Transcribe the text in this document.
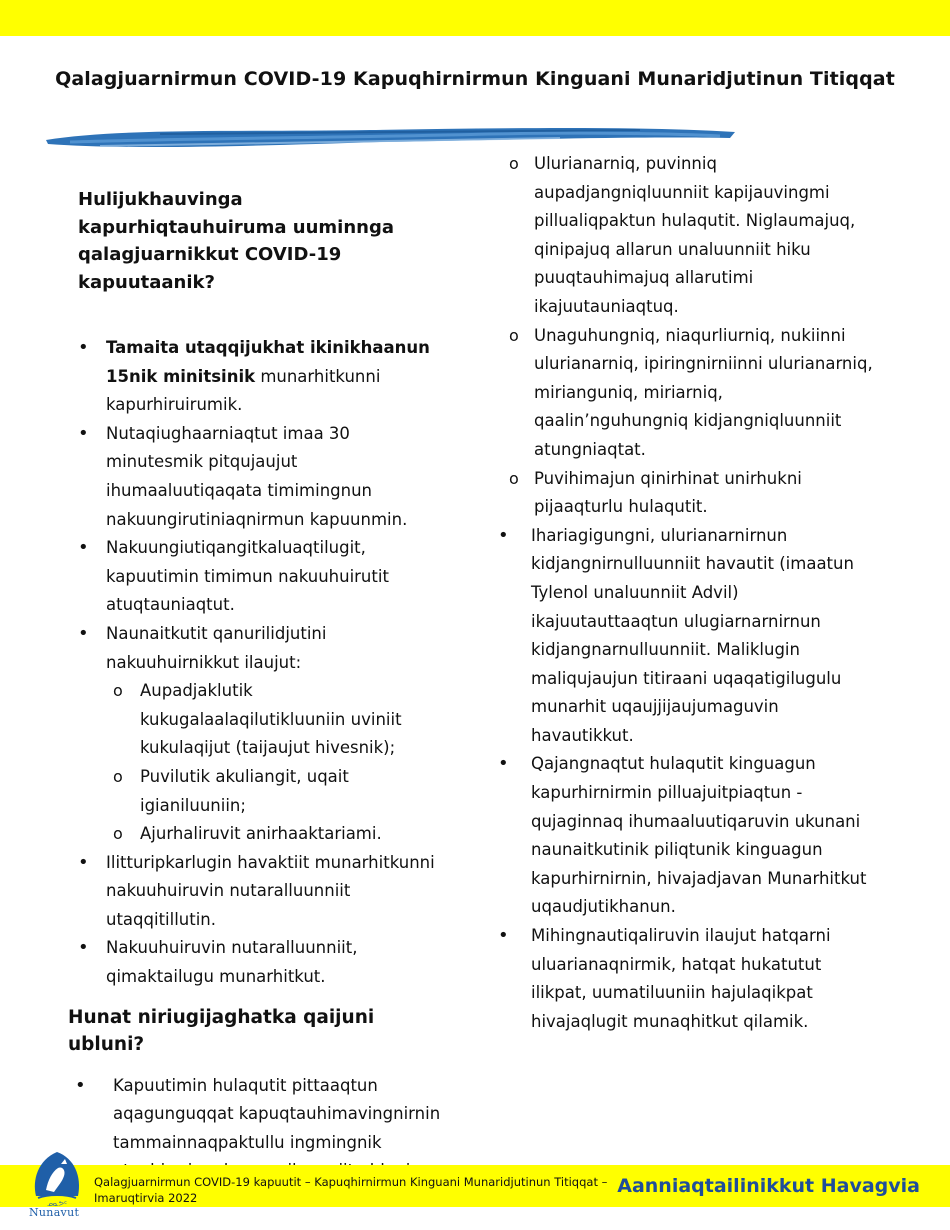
Qalagjuarnirmun COVID-19 Kapuqhirnirmun Kinguani Munaridjutinun Titiqqat
Hulijukhauvinga kapurhiqtauhuiruma uuminnga qalagjuarnikkut COVID-19 kapuutaanik?
• Tamaita utaqqijukhat ikinikhaanun 15nik minitsinik munarhitkunni kapurhiruirumik.
• Nutaqiughaarniaqtut imaa 30 minutesmik pitqujaujut ihumaaluutiqaqata timimingnun nakuungirutiniaqnirmun kapuunmin.
• Nakuungiutiqangitkaluaqtilugit, kapuutimin timimun nakuuhuirutit atuqtauniaqtut.
• Naunaitkutit qanurilidjutini nakuuhuirnikkut ilaujut:
o Aupadjaklutik kukugalaalaqilutikluuniin uviniit kukulaqijut (taijaujut hivesnik);
o Puvilutik akuliangit, uqait igianiluuniin;
o Ajurhaliruvit anirhaaktariami.
• Ilitturipkarlugin havaktiit munarhitkunni nakuuhuiruvin nutaralluunniit utaqqitillutin.
• Nakuuhuiruvin nutaralluunniit, qimaktailugu munarhitkut.
Hunat niriugijaghatka qaijuni ubluni?
• Kapuutimin hulaqutit pittaaqtun aqagunguqqat kapuqtauhimavingnirnin tammainnaqpaktullu ingmingnik
o Ulurianarniq, puvinniq aupadjangniqluunniit kapijauvingmi pillualiqpaktun hulaqutit. Niglaumajuq, qinipajuq allarun unaluunniit hiku puuqtauhimajuq allarutimi ikajuutauniaqtuq.
o Unaguhungniq, niaqurliurniq, nukiinni ulurianarniq, ipiringnirniinni ulurianarniq, mirianguniq, miriarniq, qaalin’nguhungniq kidjangniqluunniit atungniaqtat.
o Puvihimajun qinirhinat unirhukni pijaaqturlu hulaqutit.
• Ihariagigungni, ulurianarnirnun kidjangnirnulluunniit havautit (imaatun Tylenol unaluunniit Advil) ikajuutauttaaqtun ulugiarnarnirnun kidjangnarnulluunniit. Maliklugin maliqujaujun titiraani uqaqatigilugulu munarhit uqaujjijaujumaguvin havautikkut.
• Qajangnaqtut hulaqutit kinguagun kapurhirnirmin pilluajuitpiaqtun - qujaginnaq ihumaaluutiqaruvin ukunani naunaitkutinik piliqtunik kinguagun kapurhirnirnin, hivajadjavan Munarhitkut uqaudjutikhanun.
• Mihingnautiqaliruvin ilaujut hatqarni uluarianaqnirmik, hatqat hukatutut ilikpat, uumatiluuniin hajulaqikpat hivajaqlugit munaqhitkut qilamik.
ᓄᓇᕗᑦ
Nunavut
Qalagjuarnirmun COVID-19 kapuutit – Kapuqhirnirmun Kinguani Munaridjutinun Titiqqat – Imaruqtirvia 2022
Aanniaqtailinikkut Havagvia
